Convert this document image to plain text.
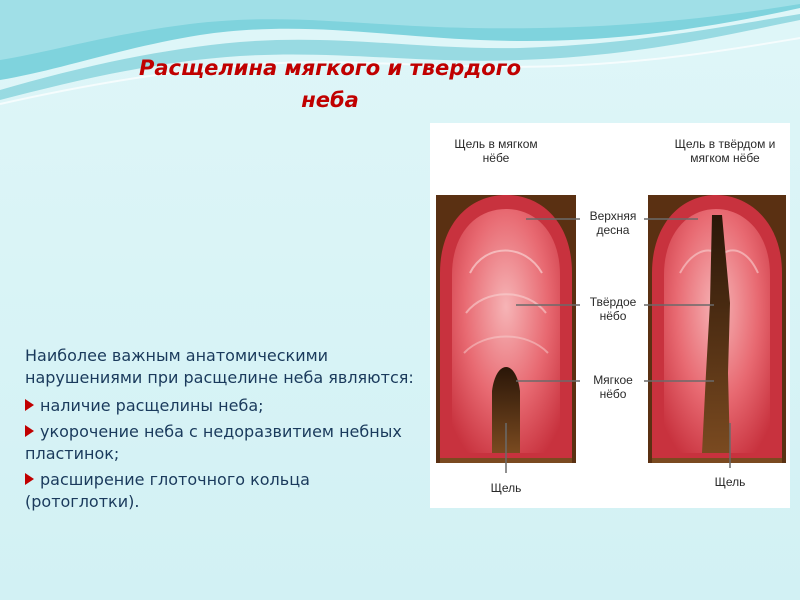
Расщелина мягкого и твердого
неба

Наиболее важным анатомическими нарушениями при расщелине неба являются:

наличие расщелины неба;
укорочение неба с недоразвитием небных пластинок;
расширение глоточного кольца (ротоглотки).
Щель в мягком нёбе
Щель в твёрдом и мягком нёбе
Верхняя десна
Твёрдое нёбо
Мягкое нёбо
Щель	Щель
